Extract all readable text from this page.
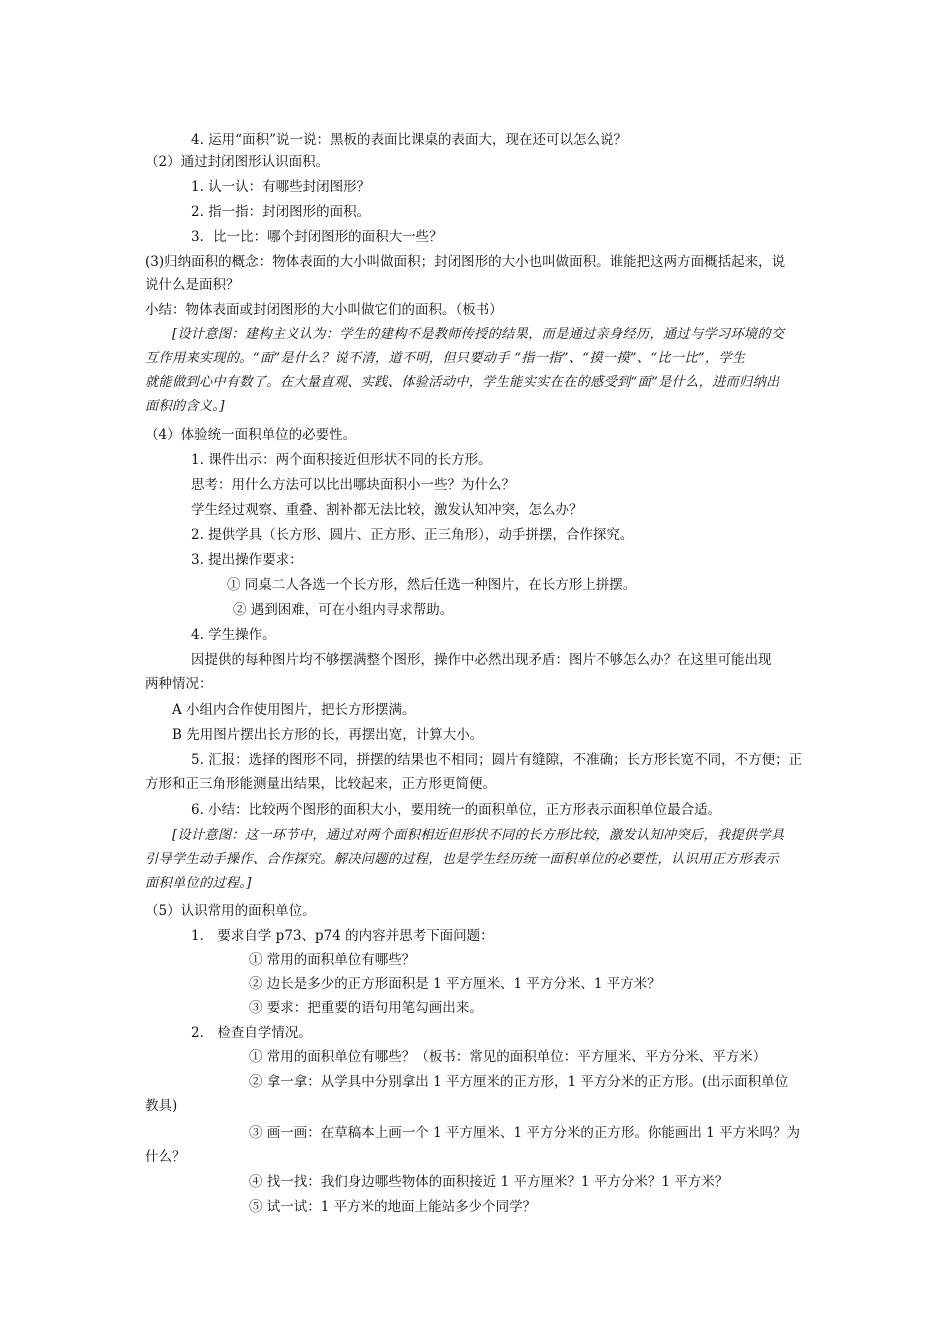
4. 运用“面积”说一说：黑板的表面比课桌的表面大，现在还可以怎么说？
（2）通过封闭图形认识面积。
1. 认一认：有哪些封闭图形？
2. 指一指：封闭图形的面积。
3．比一比：哪个封闭图形的面积大一些？
(3)归纳面积的概念：物体表面的大小叫做面积；封闭图形的大小也叫做面积。谁能把这两方面概括起来，说
说什么是面积？
小结：物体表面或封闭图形的大小叫做它们的面积。（板书）
[设计意图：建构主义认为：学生的建构不是教师传授的结果，而是通过亲身经历，通过与学习环境的交
互作用来实现的。“面”是什么？说不清，道不明，但只要动手 “指一指”、“摸一摸”、“比一比”，学生
就能做到心中有数了。在大量直观、实践、体验活动中，学生能实实在在的感受到“面”是什么，进而归纳出
面积的含义。]
（4）体验统一面积单位的必要性。
1. 课件出示：两个面积接近但形状不同的长方形。
思考：用什么方法可以比出哪块面积小一些？为什么？
学生经过观察、重叠、割补都无法比较，激发认知冲突，怎么办？
2. 提供学具（长方形、圆片、正方形、正三角形），动手拼摆，合作探究。
3. 提出操作要求：
① 同桌二人各选一个长方形，然后任选一种图片，在长方形上拼摆。
② 遇到困难，可在小组内寻求帮助。
4. 学生操作。
因提供的每种图片均不够摆满整个图形，操作中必然出现矛盾：图片不够怎么办？在这里可能出现
两种情况：
A 小组内合作使用图片，把长方形摆满。
B 先用图片摆出长方形的长，再摆出宽，计算大小。
5. 汇报：选择的图形不同，拼摆的结果也不相同；圆片有缝隙，不准确；长方形长宽不同，不方便；正
方形和正三角形能测量出结果，比较起来，正方形更简便。
6. 小结：比较两个图形的面积大小，要用统一的面积单位，正方形表示面积单位最合适。
[设计意图：这一环节中，通过对两个面积相近但形状不同的长方形比较，激发认知冲突后，我提供学具
引导学生动手操作、合作探究。解决问题的过程，也是学生经历统一面积单位的必要性，认识用正方形表示
面积单位的过程。]
（5）认识常用的面积单位。
1． 要求自学 p73、p74 的内容并思考下面问题：
① 常用的面积单位有哪些？
② 边长是多少的正方形面积是 1 平方厘米、1 平方分米、1 平方米？
③ 要求：把重要的语句用笔勾画出来。
2． 检查自学情况。
① 常用的面积单位有哪些？（板书：常见的面积单位：平方厘米、平方分米、平方米）
② 拿一拿：从学具中分别拿出 1 平方厘米的正方形，1 平方分米的正方形。(出示面积单位
教具)
③ 画一画：在草稿本上画一个 1 平方厘米、1 平方分米的正方形。你能画出 1 平方米吗？为
什么？
④ 找一找：我们身边哪些物体的面积接近 1 平方厘米？1 平方分米？1 平方米？
⑤ 试一试：1 平方米的地面上能站多少个同学？
